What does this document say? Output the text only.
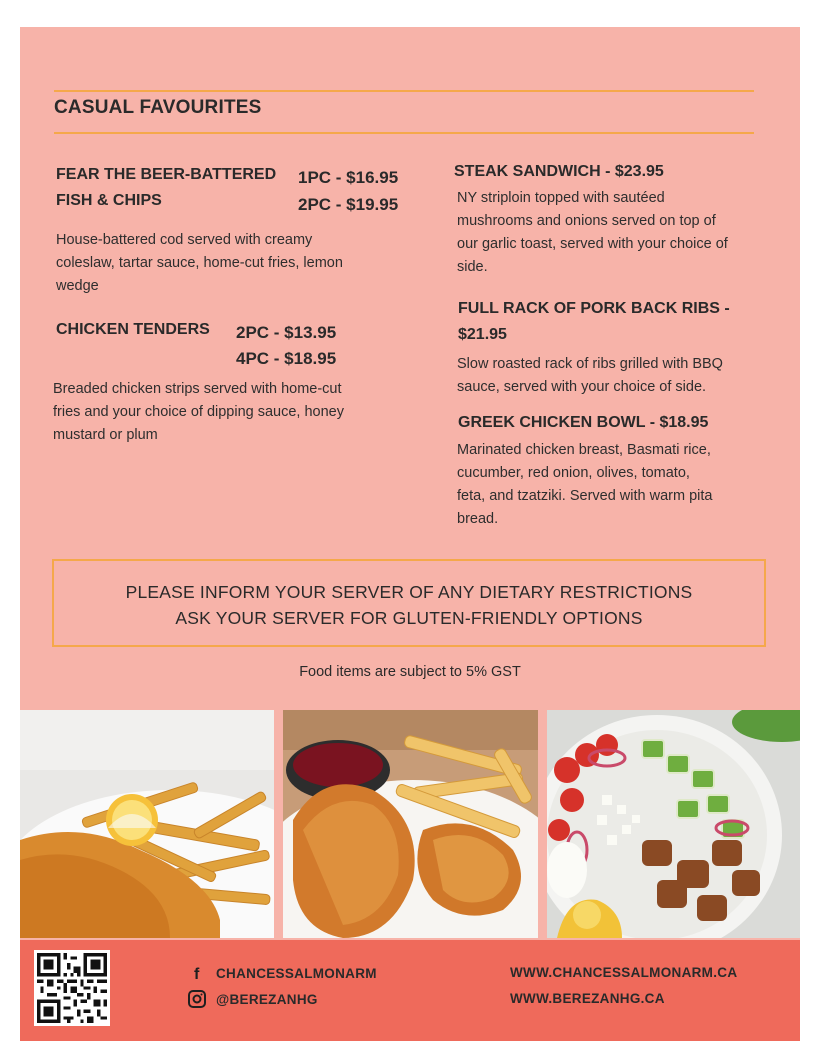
CASUAL FAVOURITES
FEAR THE BEER-BATTERED
FISH & CHIPS
1PC - $16.95
2PC - $19.95
House-battered cod served with creamy
coleslaw, tartar sauce, home-cut fries, lemon
wedge
CHICKEN TENDERS 2PC - $13.95
4PC - $18.95
Breaded chicken strips served with home-cut
fries and your choice of dipping sauce, honey
mustard or plum
STEAK SANDWICH - $23.95
NY striploin topped with sautéed
mushrooms and onions served on top of
our garlic toast, served with your choice of
side.
FULL RACK OF PORK BACK RIBS -
$21.95
Slow roasted rack of ribs grilled with BBQ
sauce, served with your choice of side.
GREEK CHICKEN BOWL - $18.95
Marinated chicken breast, Basmati rice,
cucumber, red onion, olives, tomato,
feta, and tzatziki. Served with warm pita
bread.
PLEASE INFORM YOUR SERVER OF ANY DIETARY RESTRICTIONS
ASK YOUR SERVER FOR GLUTEN-FRIENDLY OPTIONS
Food items are subject to 5% GST
f CHANCESSALMONARM
@BEREZANHG
WWW.CHANCESSALMONARM.CA
WWW.BEREZANHG.CA
